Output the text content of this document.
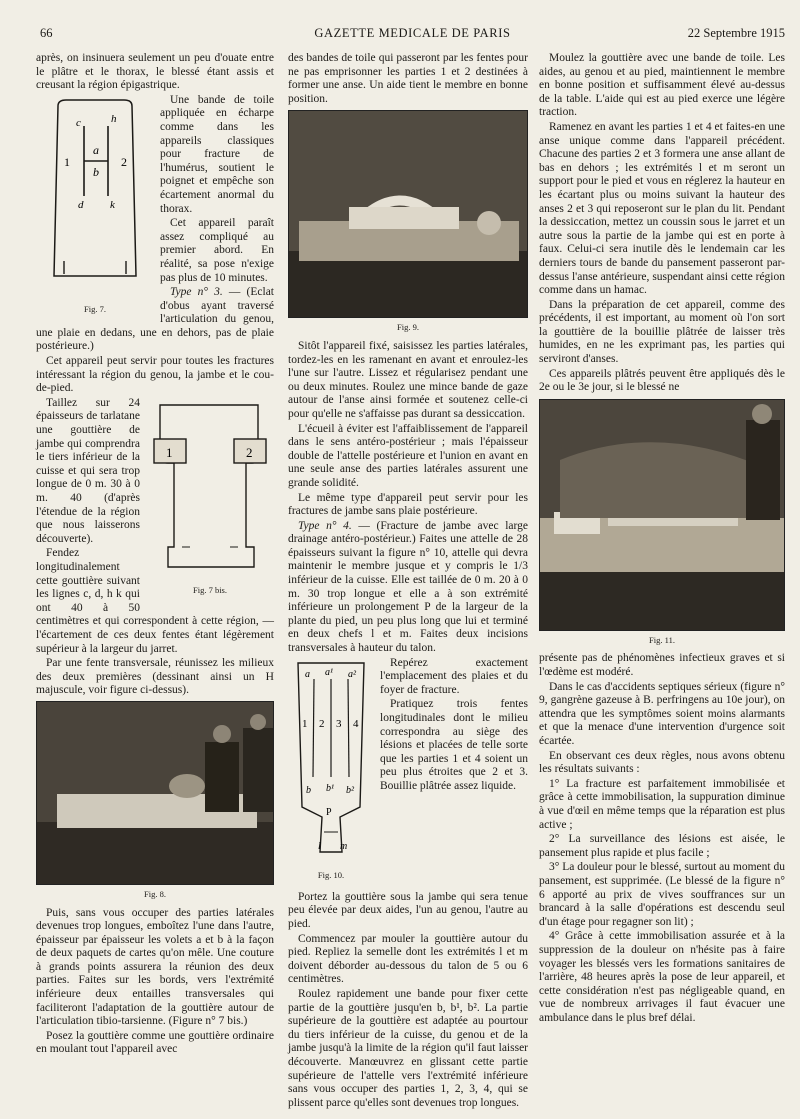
66	GAZETTE MEDICALE DE PARIS	22 Septembre 1915

après, on insinuera seulement un peu d'ouate entre le plâtre et le thorax, le blessé étant assis et creusant la région épigastrique.

c	h
a
b
d k
1	2
Fig. 7.

Une bande de toile appliquée en écharpe comme dans les appareils classiques pour fracture de l'humérus, soutient le poignet et empêche son écartement anormal du thorax.

Cet appareil paraît assez compliqué au premier abord. En réalité, sa pose n'exige pas plus de 10 minutes.

Type n° 3. — (Eclat d'obus ayant traversé l'articulation du genou, une plaie en dedans, une en dehors, pas de plaie postérieure.)

Cet appareil peut servir pour toutes les fractures intéressant la région du genou, la jambe et le cou-de-pied.

1	2
Fig. 7 bis.

Taillez sur 24 épaisseurs de tarlatane une gouttière de jambe qui comprendra le tiers inférieur de la cuisse et qui sera trop longue de 0 m. 30 à 0 m. 40 (d'après l'étendue de la région que nous laisserons découverte).

Fendez longitudinalement cette gouttière suivant les lignes c, d, h k qui ont 40 à 50 centimètres et qui correspondent à cette région, — l'écartement de ces deux fentes étant légèrement supérieur à la largeur du jarret.

Par une fente transversale, réunissez les milieux des deux premières (dessinant ainsi un H majuscule, voir figure ci-dessus).

Fig. 8.

Puis, sans vous occuper des parties latérales devenues trop longues, emboîtez l'une dans l'autre, épaisseur par épaisseur les volets a et b à la façon de deux paquets de cartes qu'on mêle. Une couture à grands points assurera la réunion des deux parties. Faites sur les bords, vers l'extrémité inférieure deux entailles transversales qui faciliteront l'adaptation de la gouttière autour de l'articulation tibio-tarsienne. (Figure n° 7 bis.)

Posez la gouttière comme une gouttière ordinaire en moulant tout l'appareil avec

des bandes de toile qui passeront par les fentes pour ne pas emprisonner les parties 1 et 2 destinées à former une anse. Un aide tient le membre en bonne position.

Fig. 9.

Sitôt l'appareil fixé, saisissez les parties latérales, tordez-les en les ramenant en avant et enroulez-les l'une sur l'autre. Lissez et régularisez pendant une ou deux minutes. Roulez une mince bande de gaze autour de l'anse ainsi formée et soutenez celle-ci pour qu'elle ne s'affaisse pas durant sa dessiccation.

L'écueil à éviter est l'affaiblissement de l'appareil dans le sens antéro-postérieur ; mais l'épaisseur double de l'attelle postérieure et l'union en avant en une seule anse des parties latérales assurent une grande solidité.

Le même type d'appareil peut servir pour les fractures de jambe sans plaie postérieure.

Type n° 4. — (Fracture de jambe avec large drainage antéro-postérieur.) Faites une attelle de 28 épaisseurs suivant la figure n° 10, attelle qui devra maintenir le membre jusque et y compris le 1/3 inférieur de la cuisse. Elle est taillée de 0 m. 20 à 0 m. 30 trop longue et elle a à son extrémité inférieure un prolongement P de la largeur de la plante du pied, un peu plus long que lui et terminé en deux chefs l et m. Faites deux incisions transversales à hauteur du talon.

a a¹ a²
1 2 3 4
b b¹ b²
P
l m
Fig. 10.

Repérez exactement l'emplacement des plaies et du foyer de fracture.

Pratiquez trois fentes longitudinales dont le milieu correspondra au siège des lésions et placées de telle sorte que les parties 1 et 4 soient un peu plus étroites que 2 et 3. Bouillie plâtrée assez liquide.

Portez la gouttière sous la jambe qui sera tenue peu élevée par deux aides, l'un au genou, l'autre au pied.

Commencez par mouler la gouttière autour du pied. Repliez la semelle dont les extrémités l et m doivent déborder au-dessous du talon de 5 ou 6 centimètres.

Roulez rapidement une bande pour fixer cette partie de la gouttière jusqu'en b, b¹, b². La partie supérieure de la gouttière est adaptée au pourtour du tiers inférieur de la cuisse, du genou et de la jambe jusqu'à la limite de la région qu'il faut laisser découverte. Manœuvrez en glissant cette partie supérieure de l'attelle vers l'extrémité inférieure sans vous occuper des parties 1, 2, 3, 4, qui se plissent parce qu'elles sont devenues trop longues.

Moulez la gouttière avec une bande de toile. Les aides, au genou et au pied, maintiennent le membre en bonne position et suffisamment élevé au-dessus de la table. L'aide qui est au pied exerce une légère traction.

Ramenez en avant les parties 1 et 4 et faites-en une anse unique comme dans l'appareil précédent. Chacune des parties 2 et 3 formera une anse allant de bas en dehors ; les extrémités l et m seront un support pour le pied et vous en réglerez la hauteur en les écartant plus ou moins suivant la hauteur des anses 2 et 3 qui reposeront sur le plan du lit. Pendant la dessiccation, mettez un coussin sous le jarret et un autre sous la partie de la jambe qui est en porte à faux. Celui-ci sera inutile dès le lendemain car les derniers tours de bande du pansement passeront par-dessus l'anse antérieure, suspendant ainsi cette région comme dans un hamac.

Dans la préparation de cet appareil, comme des précédents, il est important, au moment où l'on sort la gouttière de la bouillie plâtrée de laisser très humides, en ne les exprimant pas, les parties qui serviront d'anses.

Ces appareils plâtrés peuvent être appliqués dès le 2e ou le 3e jour, si le blessé ne

Fig. 11.

présente pas de phénomènes infectieux graves et si l'œdème est modéré.

Dans le cas d'accidents septiques sérieux (figure n° 9, gangrène gazeuse à B. perfringens au 10e jour), on attendra que les symptômes soient moins alarmants et que la menace d'une intervention d'urgence soit écartée.

En observant ces deux règles, nous avons obtenu les résultats suivants :

1° La fracture est parfaitement immobilisée et grâce à cette immobilisation, la suppuration diminue à vue d'œil en même temps que la réparation est plus active ;

2° La surveillance des lésions est aisée, le pansement plus rapide et plus facile ;

3° La douleur pour le blessé, surtout au moment du pansement, est supprimée. (Le blessé de la figure n° 6 apporté au prix de vives souffrances sur un brancard à la salle d'opérations est descendu seul d'un étage pour regagner son lit) ;

4° Grâce à cette immobilisation assurée et à la suppression de la douleur on n'hésite pas à faire voyager les blessés vers les formations sanitaires de l'arrière, 48 heures après la pose de leur appareil, et cette considération n'est pas négligeable quand, en vue de nombreux arrivages il faut évacuer une ambulance dans le plus bref délai.
